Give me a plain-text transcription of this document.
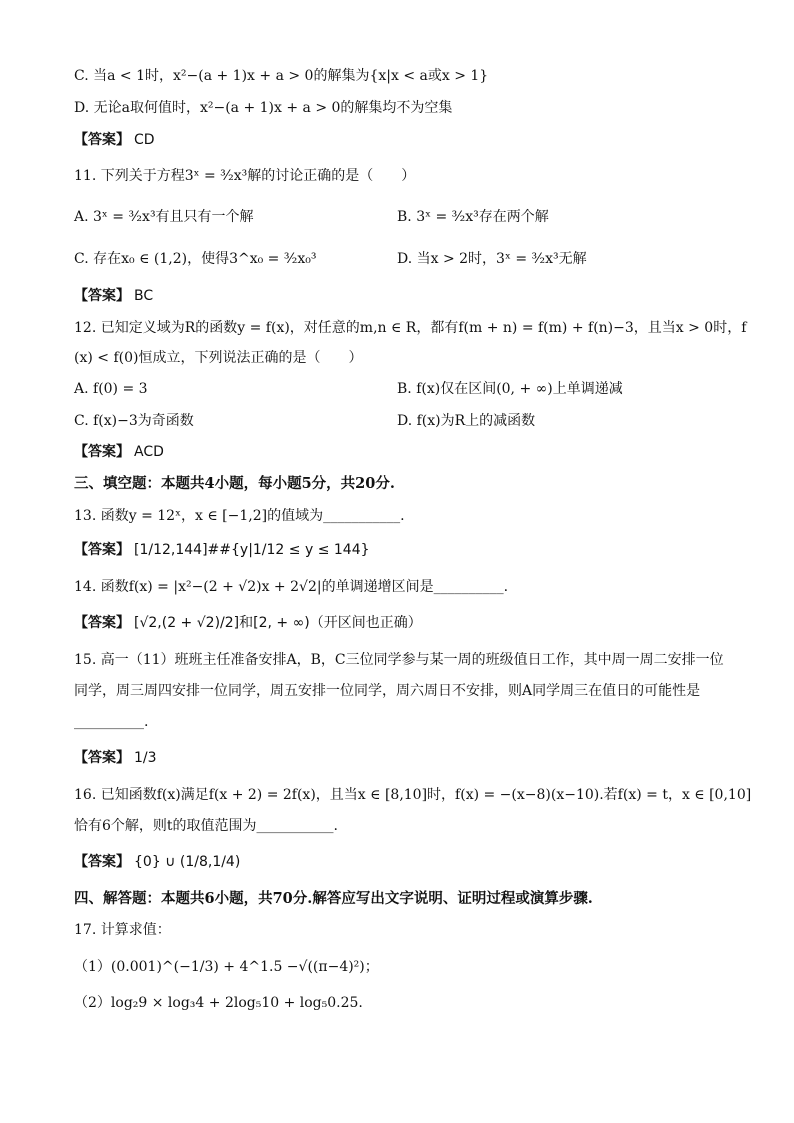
C. 当a < 1时，x²−(a + 1)x + a > 0的解集为{x|x < a或x > 1}
D. 无论a取何值时，x²−(a + 1)x + a > 0的解集均不为空集
【答案】 CD
11. 下列关于方程3ˣ = ³⁄₂x³解的讨论正确的是（　　）
A. 3ˣ = ³⁄₂x³有且只有一个解	B. 3ˣ = ³⁄₂x³存在两个解
C. 存在x₀ ∈ (1,2)，使得3^x₀ = ³⁄₂x₀³	D. 当x > 2时，3ˣ = ³⁄₂x³无解
【答案】 BC
12. 已知定义域为R的函数y = f(x)，对任意的m,n ∈ R，都有f(m + n) = f(m) + f(n)−3，且当x > 0时，f
(x) < f(0)恒成立，下列说法正确的是（　　）
A. f(0) = 3	B. f(x)仅在区间(0, + ∞)上单调递减
C. f(x)−3为奇函数	D. f(x)为R上的减函数
【答案】 ACD
三、填空题：本题共4小题，每小题5分，共20分.
13. 函数y = 12ˣ，x ∈ [−1,2]的值域为___________.
【答案】 [1/12,144]##{y|1/12 ≤ y ≤ 144}
14. 函数f(x) = |x²−(2 + √2)x + 2√2|的单调递增区间是__________.
【答案】 [√2,(2 + √2)/2]和[2, + ∞)（开区间也正确）
15. 高一（11）班班主任准备安排A，B，C三位同学参与某一周的班级值日工作，其中周一周二安排一位
同学，周三周四安排一位同学，周五安排一位同学，周六周日不安排，则A同学周三在值日的可能性是
__________.
【答案】 1/3
16. 已知函数f(x)满足f(x + 2) = 2f(x)，且当x ∈ [8,10]时，f(x) = −(x−8)(x−10).若f(x) = t，x ∈ [0,10]
恰有6个解，则t的取值范围为___________.
【答案】 {0} ∪ (1/8,1/4)
四、解答题：本题共6小题，共70分.解答应写出文字说明、证明过程或演算步骤.
17. 计算求值：
（1）(0.001)^(−1/3) + 4^1.5 −√((π−4)²)；
（2）log₂9 × log₃4 + 2log₅10 + log₅0.25.
